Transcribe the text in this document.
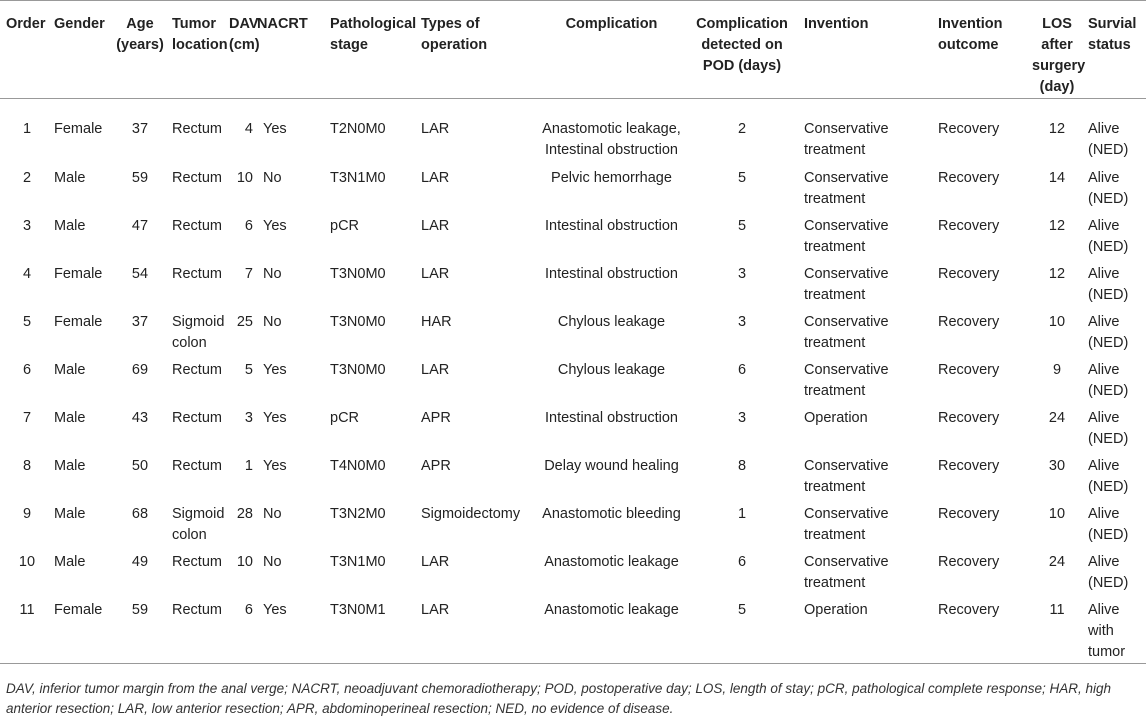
Order	Gender	Age (years)	Tumor location	DAV (cm)	NACRT	Pathological stage	Types of operation	Complication	Complication detected on POD (days)	Invention	Invention outcome	LOS after surgery (day)	Survial status
1	Female	37	Rectum	4	Yes	T2N0M0	LAR	Anastomotic leakage, Intestinal obstruction	2	Conservative treatment	Recovery	12	Alive (NED)
2	Male	59	Rectum	10	No	T3N1M0	LAR	Pelvic hemorrhage	5	Conservative treatment	Recovery	14	Alive (NED)
3	Male	47	Rectum	6	Yes	pCR	LAR	Intestinal obstruction	5	Conservative treatment	Recovery	12	Alive (NED)
4	Female	54	Rectum	7	No	T3N0M0	LAR	Intestinal obstruction	3	Conservative treatment	Recovery	12	Alive (NED)
5	Female	37	Sigmoid colon	25	No	T3N0M0	HAR	Chylous leakage	3	Conservative treatment	Recovery	10	Alive (NED)
6	Male	69	Rectum	5	Yes	T3N0M0	LAR	Chylous leakage	6	Conservative treatment	Recovery	9	Alive (NED)
7	Male	43	Rectum	3	Yes	pCR	APR	Intestinal obstruction	3	Operation	Recovery	24	Alive (NED)
8	Male	50	Rectum	1	Yes	T4N0M0	APR	Delay wound healing	8	Conservative treatment	Recovery	30	Alive (NED)
9	Male	68	Sigmoid colon	28	No	T3N2M0	Sigmoidectomy	Anastomotic bleeding	1	Conservative treatment	Recovery	10	Alive (NED)
10	Male	49	Rectum	10	No	T3N1M0	LAR	Anastomotic leakage	6	Conservative treatment	Recovery	24	Alive (NED)
11	Female	59	Rectum	6	Yes	T3N0M1	LAR	Anastomotic leakage	5	Operation	Recovery	11	Alive with tumor
DAV, inferior tumor margin from the anal verge; NACRT, neoadjuvant chemoradiotherapy; POD, postoperative day; LOS, length of stay; pCR, pathological complete response; HAR, high anterior resection; LAR, low anterior resection; APR, abdominoperineal resection; NED, no evidence of disease.
